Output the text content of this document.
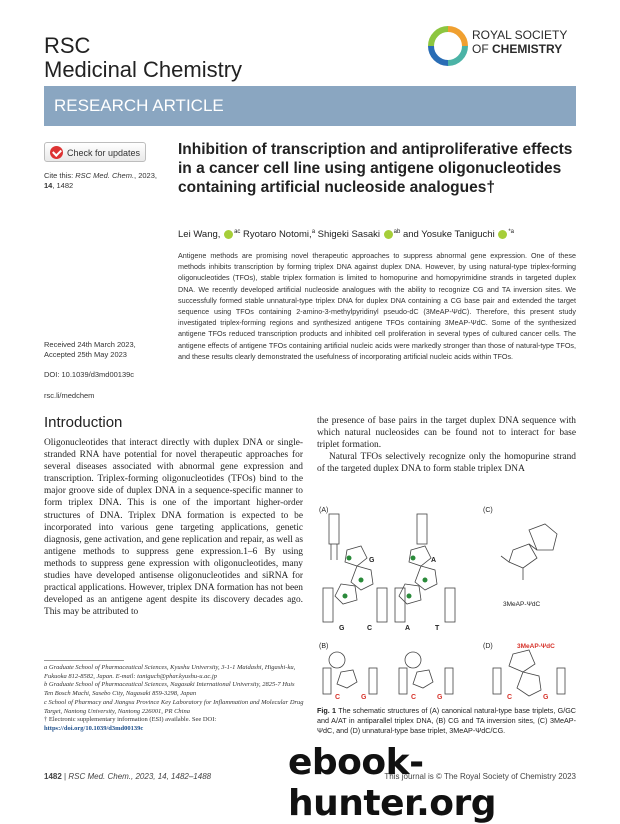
RSC
Medicinal Chemistry
ROYAL SOCIETY
OF CHEMISTRY
RESEARCH ARTICLE
Check for updates
Cite this: RSC Med. Chem., 2023, 14, 1482
Inhibition of transcription and antiproliferative effects in a cancer cell line using antigene oligonucleotides containing artificial nucleoside analogues†
Lei Wang, $^{ac}$ Ryotaro Notomi,$^a$ Shigeki Sasaki $^{ab}$ and Yosuke Taniguchi $^{*a}$
Antigene methods are promising novel therapeutic approaches to suppress abnormal gene expression. One of these methods inhibits transcription by forming triplex DNA against duplex DNA. However, by using natural-type triplex-forming oligonucleotides (TFOs), stable triplex formation is limited to homopurine and homopyrimidine strands in targeted duplex DNA. We recently developed artificial nucleoside analogues with the ability to recognize CG and TA inversion sites. We successfully formed stable unnatural-type triplex DNA for duplex DNA containing a CG base pair and extended the target sequence using TFOs containing 2-amino-3-methylpyridinyl pseudo-dC (3MeAP-ΨdC). Therefore, this present study investigated triplex-forming regions and synthesized antigene TFOs containing 3MeAP-ΨdC. Some of the synthesized antigene TFOs reduced transcription products and inhibited cell proliferation in several types of cultured cancer cells. The antigene effects of antigene TFOs containing artificial nucleic acids were markedly stronger than those of natural-type TFOs, and these results clearly demonstrated the usefulness of incorporating artificial nucleic acids within TFOs.
Received 24th March 2023,
Accepted 25th May 2023
DOI: 10.1039/d3md00139c
rsc.li/medchem
Introduction

Oligonucleotides that interact directly with duplex DNA or single-stranded RNA have potential for novel therapeutic approaches for several diseases associated with abnormal gene expression and transcription. Triplex-forming oligonucleotides (TFOs) bind to the major groove side of duplex DNA in a sequence-specific manner to form triplex DNA. This is one of the important higher-order structures of DNA. Triplex DNA formation is expected to be incorporated into various gene targeting applications, genetic diagnosis, gene activation, and gene replication and repair, as well as antigene methods to suppress gene expression.1–6 By using methods to suppress gene expression with oligonucleotides, many studies have developed antisense oligonucleotides and siRNA for practical applications. However, triplex DNA formation has not been developed as an antigene agent despite its discovery decades ago. This may be attributed to

the presence of base pairs in the target duplex DNA sequence with which natural nucleosides can be found not to interact for base triplet formation.

Natural TFOs selectively recognize only the homopurine strand of the targeted duplex DNA to form stable triplex DNA

a Graduate School of Pharmaceutical Sciences, Kyushu University, 3-1-1 Maidashi, Higashi-ku, Fukuoka 812-8582, Japan. E-mail: taniguch@phar.kyushu-u.ac.jp
b Graduate School of Pharmaceutical Sciences, Nagasaki International University, 2825-7 Huis Ten Bosch Machi, Sasebo City, Nagasaki 859-3298, Japan
c School of Pharmacy and Jiangsu Province Key Laboratory for Inflammation and Molecular Drug Target, Nantong University, Nantong 226001, PR China
† Electronic supplementary information (ESI) available. See DOI: https://doi.org/10.1039/d3md00139c
(A)
G
G	C
A
A	T
(C)
3MeAP-ΨdC
(B)
C	G	C	G
(D)	3MeAP-ΨdC
C	G
Fig. 1 The schematic structures of (A) canonical natural-type base triplets, G/GC and A/AT in antiparallel triplex DNA, (B) CG and TA inversion sites, (C) 3MeAP-ΨdC, and (D) unnatural-type base triplet, 3MeAP-ΨdC/CG.
1482 | RSC Med. Chem., 2023, 14, 1482–1488	This journal is © The Royal Society of Chemistry 2023
ebook-hunter.org
